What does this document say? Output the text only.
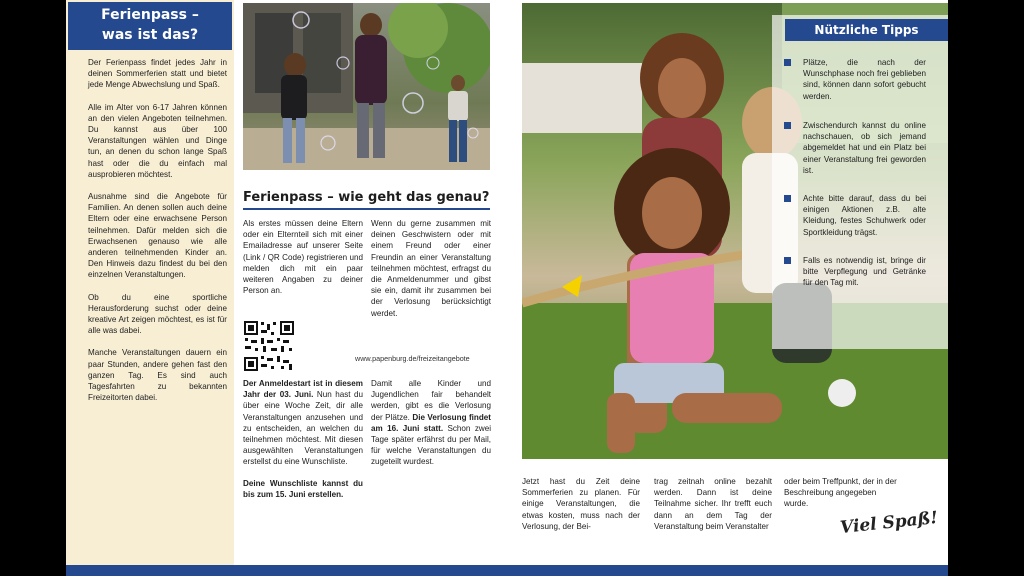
Ferienpass –
was ist das?

Der Ferienpass findet jedes Jahr in deinen Sommerferien statt und bietet jede Menge Abwechslung und Spaß.

Alle im Alter von 6-17 Jahren können an den vielen Angeboten teilnehmen. Du kannst aus über 100 Veranstaltungen wählen und Dinge tun, an denen du schon lange Spaß hast oder die du einfach mal ausprobieren möchtest.

Ausnahme sind die Angebote für Familien. An denen sollen auch deine Eltern oder eine erwachsene Person teilnehmen. Dafür melden sich die Erwachsenen genauso wie alle anderen teilnehmenden Kinder an. Den Hinweis dazu findest du bei den einzelnen Veranstaltungen.

Ob du eine sportliche Herausforderung suchst oder deine kreative Art zeigen möchtest, es ist für alle was dabei.

Manche Veranstaltungen dauern ein paar Stunden, andere gehen fast den ganzen Tag. Es sind auch Tagesfahrten zu bekannten Freizeitorten dabei.

Ferienpass – wie geht das genau?
Als erstes müssen deine Eltern oder ein Elternteil sich mit einer Emailadresse auf unserer Seite (Link / QR Code) registrieren und melden dich mit ein paar weiteren Angaben zu deiner Person an.
Wenn du gerne zusammen mit deinen Geschwistern oder mit einem Freund oder einer Freundin an einer Veranstaltung teilnehmen möchtest, erfragst du die Anmeldenummer und gibst sie ein, damit ihr zusammen bei der Verlosung berücksichtigt werdet.
www.papenburg.de/freizeitangebote

Der Anmeldestart ist in diesem Jahr der 03. Juni. Nun hast du über eine Woche Zeit, dir alle Veranstaltungen anzusehen und zu entscheiden, an welchen du teilnehmen möchtest. Mit diesen ausgewählten Veranstaltungen erstellst du eine Wunschliste.

Deine Wunschliste kannst du bis zum 15. Juni erstellen.

Damit alle Kinder und Jugendlichen fair behandelt werden, gibt es die Verlosung der Plätze. Die Verlosung findet am 16. Juni statt. Schon zwei Tage später erfährst du per Mail, für welche Veranstaltungen du zugeteilt wurdest.

Nützliche Tipps
Plätze, die nach der Wunschphase noch frei geblieben sind, können dann sofort gebucht werden.
Zwischendurch kannst du online nachschauen, ob sich jemand abgemeldet hat und ein Platz bei einer Veranstaltung frei geworden ist.
Achte bitte darauf, dass du bei einigen Aktionen z.B. alte Kleidung, festes Schuhwerk oder Sportkleidung trägst.
Falls es notwendig ist, bringe dir bitte Verpflegung und Getränke für den Tag mit.
Jetzt hast du Zeit deine Sommerferien zu planen. Für einige Veranstaltungen, die etwas kosten, muss nach der Verlosung, der Bei-
trag zeitnah online bezahlt werden. Dann ist deine Teilnahme sicher. Ihr trefft euch dann an dem Tag der Veranstaltung beim Veranstalter
oder beim Treffpunkt, der in der Beschreibung angegeben wurde.
Viel Spaß!
